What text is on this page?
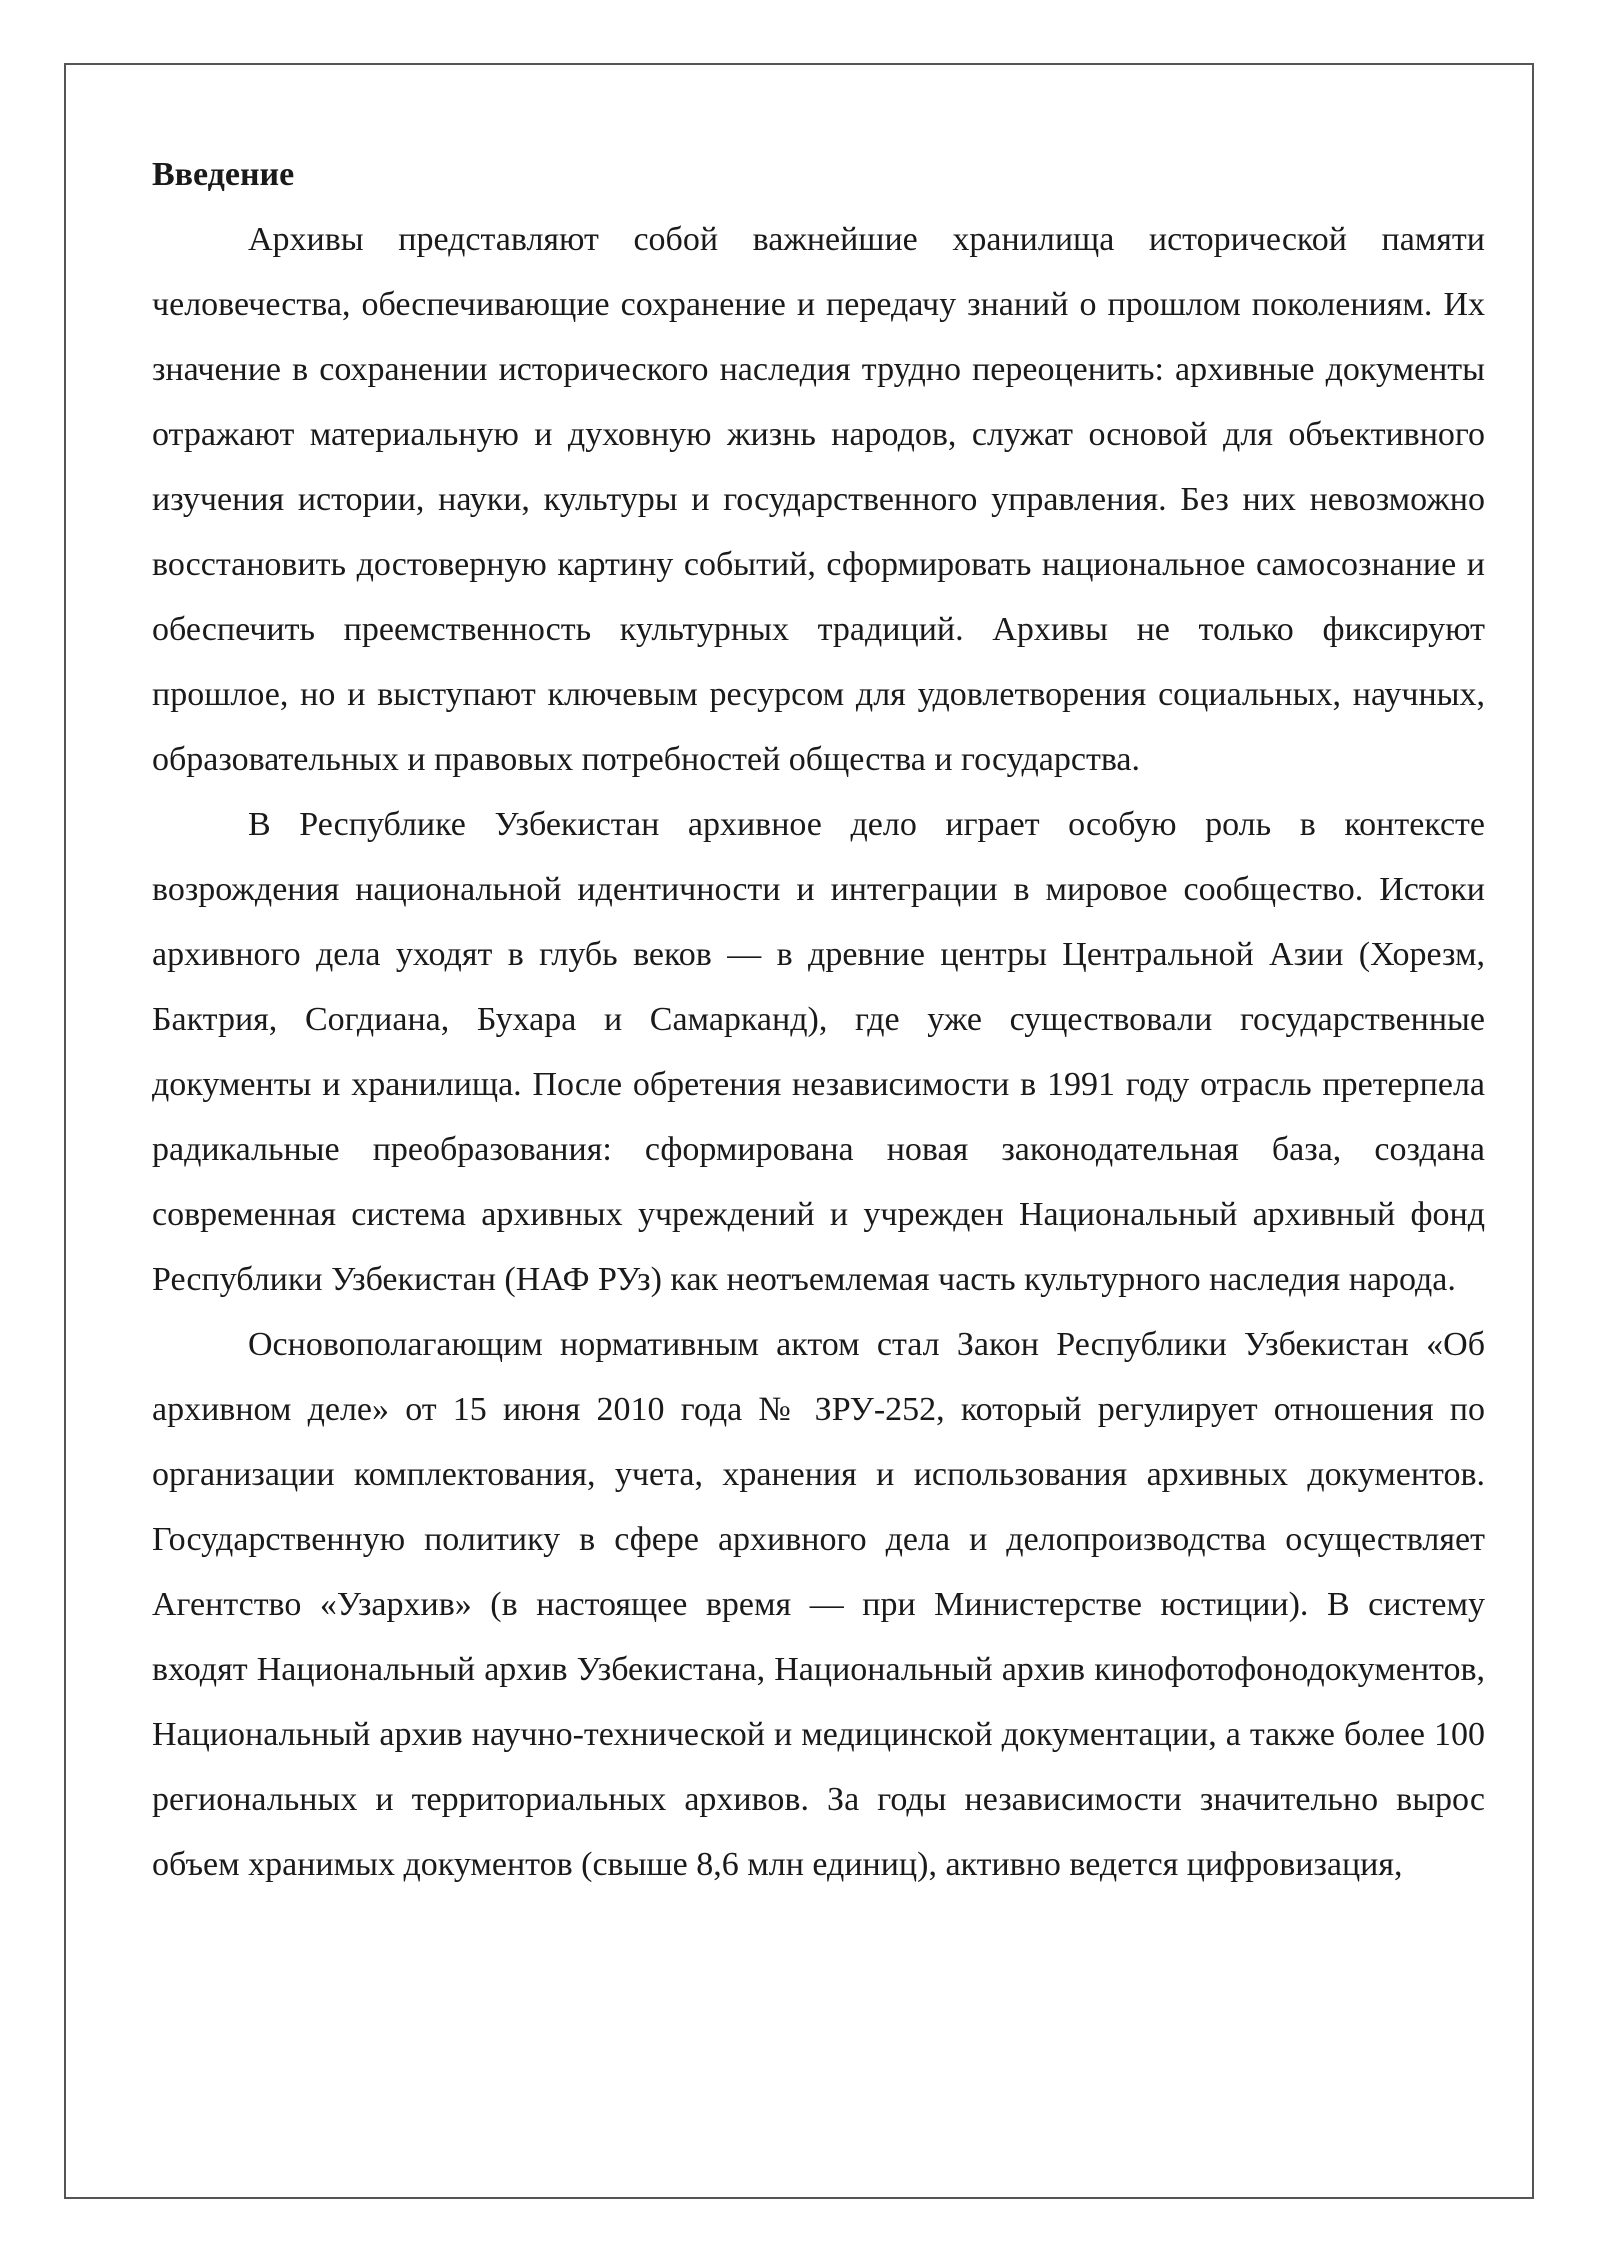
Введение

Архивы представляют собой важнейшие хранилища исторической памяти человечества, обеспечивающие сохранение и передачу знаний о прошлом поколениям. Их значение в сохранении исторического наследия трудно переоценить: архивные документы отражают материальную и духовную жизнь народов, служат основой для объективного изучения истории, науки, культуры и государственного управления. Без них невозможно восстановить достоверную картину событий, сформировать национальное самосознание и обеспечить преемственность культурных традиций. Архивы не только фиксируют прошлое, но и выступают ключевым ресурсом для удовлетворения социальных, научных, образовательных и правовых потребностей общества и государства.

В Республике Узбекистан архивное дело играет особую роль в контексте возрождения национальной идентичности и интеграции в мировое сообщество. Истоки архивного дела уходят в глубь веков — в древние центры Центральной Азии (Хорезм, Бактрия, Согдиана, Бухара и Самарканд), где уже существовали государственные документы и хранилища. После обретения независимости в 1991 году отрасль претерпела радикальные преобразования: сформирована новая законодательная база, создана современная система архивных учреждений и учрежден Национальный архивный фонд Республики Узбекистан (НАФ РУз) как неотъемлемая часть культурного наследия народа.

Основополагающим нормативным актом стал Закон Республики Узбекистан «Об архивном деле» от 15 июня 2010 года № ЗРУ-252, который регулирует отношения по организации комплектования, учета, хранения и использования архивных документов. Государственную политику в сфере архивного дела и делопроизводства осуществляет Агентство «Узархив» (в настоящее время — при Министерстве юстиции). В систему входят Национальный архив Узбекистана, Национальный архив кинофотофонодокументов, Национальный архив научно-технической и медицинской документации, а также более 100 региональных и территориальных архивов. За годы независимости значительно вырос объем хранимых документов (свыше 8,6 млн единиц), активно ведется цифровизация,
